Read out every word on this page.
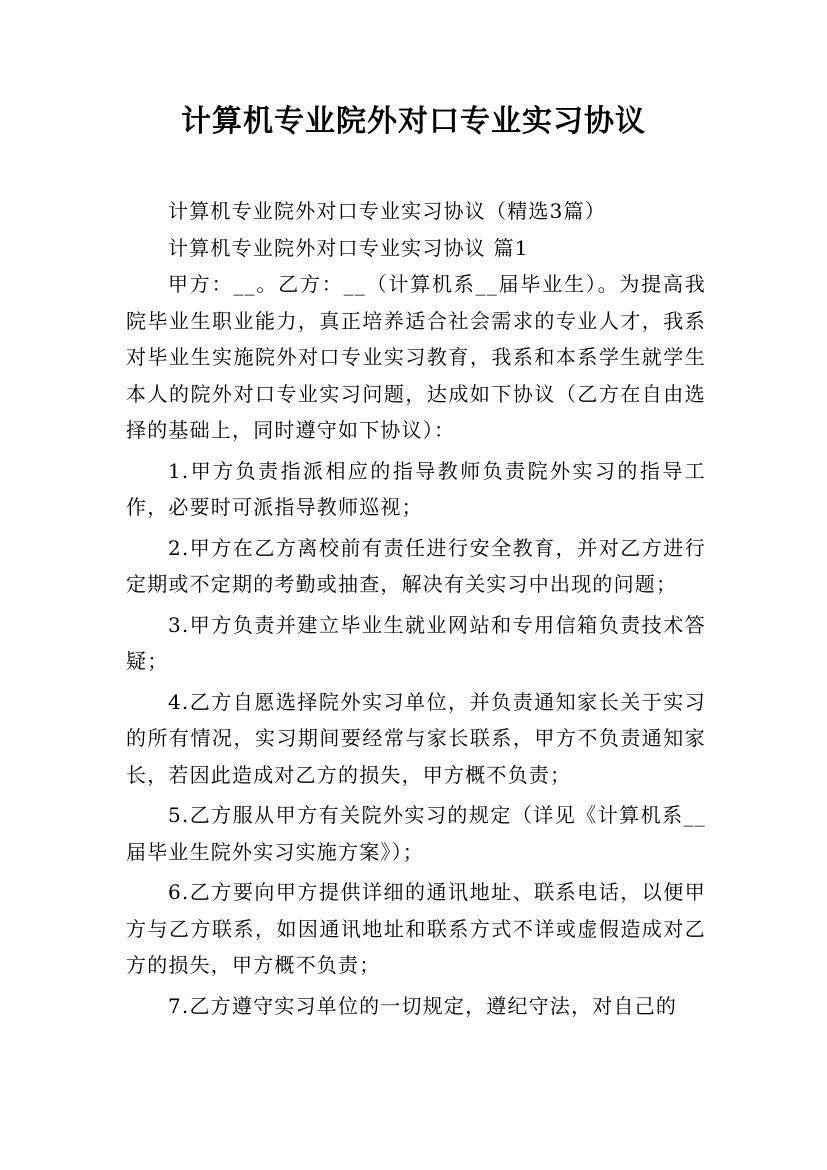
计算机专业院外对口专业实习协议

计算机专业院外对口专业实习协议（精选3篇）

计算机专业院外对口专业实习协议 篇1

甲方：__。乙方：__（计算机系__届毕业生）。为提高我院毕业生职业能力，真正培养适合社会需求的专业人才，我系对毕业生实施院外对口专业实习教育，我系和本系学生就学生本人的院外对口专业实习问题，达成如下协议（乙方在自由选择的基础上，同时遵守如下协议）：

1.甲方负责指派相应的指导教师负责院外实习的指导工作，必要时可派指导教师巡视；

2.甲方在乙方离校前有责任进行安全教育，并对乙方进行定期或不定期的考勤或抽查，解决有关实习中出现的问题；

3.甲方负责并建立毕业生就业网站和专用信箱负责技术答疑；

4.乙方自愿选择院外实习单位，并负责通知家长关于实习的所有情况，实习期间要经常与家长联系，甲方不负责通知家长，若因此造成对乙方的损失，甲方概不负责；

5.乙方服从甲方有关院外实习的规定（详见《计算机系__届毕业生院外实习实施方案》）；

6.乙方要向甲方提供详细的通讯地址、联系电话，以便甲方与乙方联系，如因通讯地址和联系方式不详或虚假造成对乙方的损失，甲方概不负责；

7.乙方遵守实习单位的一切规定，遵纪守法，对自己的
